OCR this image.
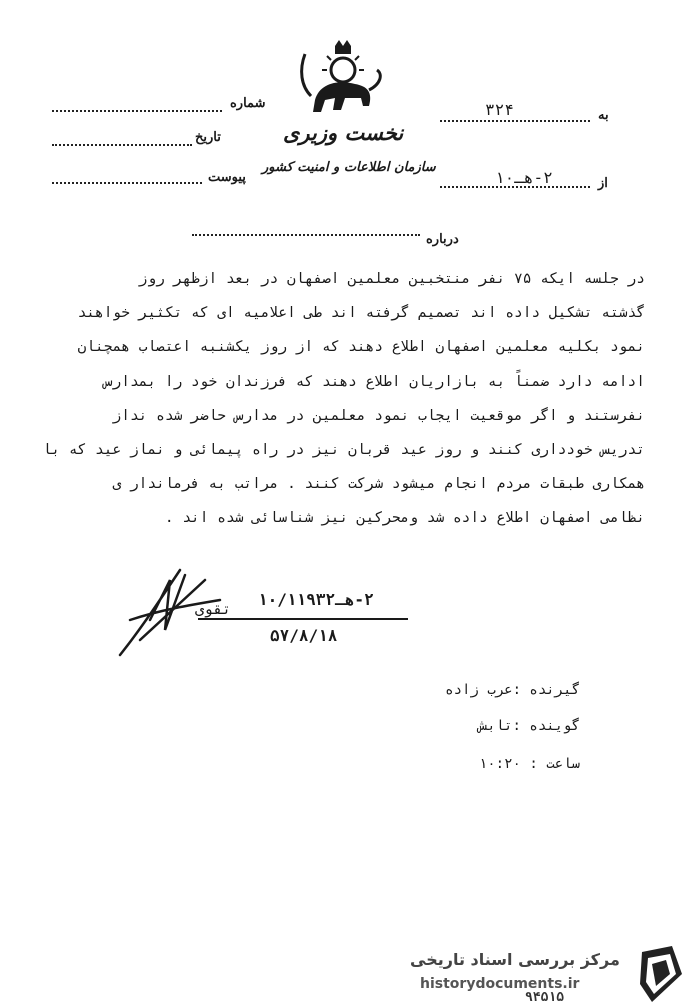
شماره
تاریخ
پیوست
نخست وزیری
سازمان اطلاعات و امنیت کشور
به
۳۲۴
از
۲-هـ۱۰
درباره
در جلسه ایکه ۷۵ نفر منتخبین معلمین اصفهان در بعد ازظهر روز
گذشته تشکیل داده اند تصمیم گرفته اند طی اعلامیه ای که تکثیر خواهند
نمود بکلیه معلمین اصفهان اطلاع دهند که از روز یکشنبه اعتصاب همچنان
ادامه دارد ضمناً به بازاریان اطلاع دهند که فرزندان خود را بمدارس
نفرستند و اگر موقعیت ایجاب نمود معلمین در مدارس حاضر شده نداز
تدریس خودداری کنند و روز عید قربان نیز در راه پیمائی و نماز عید که با
همکاری طبقات مردم انجام میشود شرکت کنند . مراتب به فرماندار ی
نظامی اصفهان اطلاع داده شد ومحرکین نیز شناسائی شده اند .
۲-هـ۱۰/۱۱۹۳۲
تقوی
۵۷/۸/۱۸
گیرنده :عرب زاده
گوینده :تابش
ساعت : ۱۰:۲۰
مرکز بررسی اسناد تاریخی
historydocuments.ir
۹۴۵۱۵
